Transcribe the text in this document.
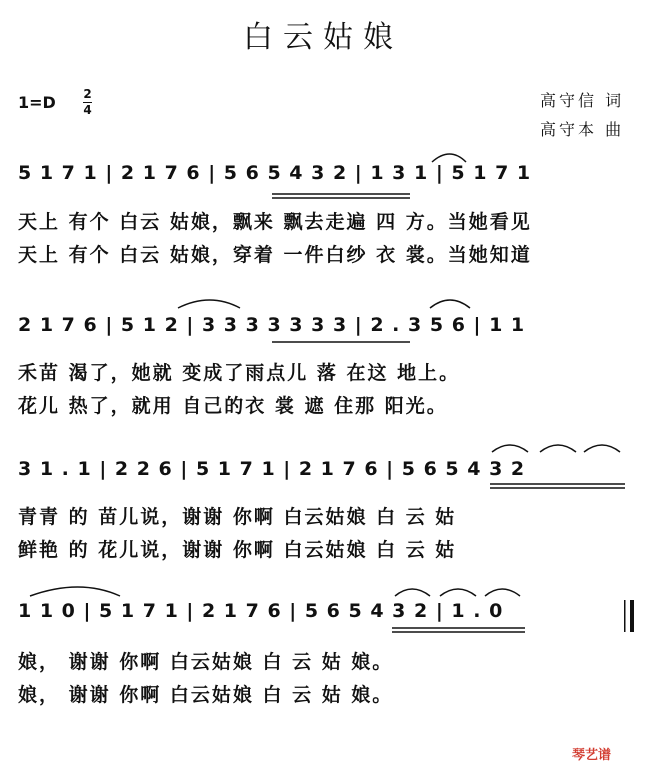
白云姑娘
1=D 2
4	高守信 词
高守本 曲
5 1 7 1 | 2 1 7 6 | 5 6 5 4 3 2 | 1 3 1 | 5 1 7 1
天上 有个 白云 姑娘，飘来 飘去走遍 四 方。当她看见
天上 有个 白云 姑娘，穿着 一件白纱 衣 裳。当她知道
2 1 7 6 | 5 1 2 | 3 3 3 3 3 3 3 | 2 . 3 5 6 | 1 1
禾苗 渴了，她就 变成了雨点儿 落 在这 地上。
花儿 热了，就用 自己的衣 裳 遮 住那 阳光。
3 1 . 1 | 2 2 6 | 5 1 7 1 | 2 1 7 6 | 5 6 5 4 3 2
青青 的 苗儿说，谢谢 你啊 白云姑娘 白 云 姑
鲜艳 的 花儿说，谢谢 你啊 白云姑娘 白 云 姑
1 1 0 | 5 1 7 1 | 2 1 7 6 | 5 6 5 4 3 2 | 1 . 0
娘， 谢谢 你啊 白云姑娘 白 云 姑 娘。
娘， 谢谢 你啊 白云姑娘 白 云 姑 娘。
琴艺谱
